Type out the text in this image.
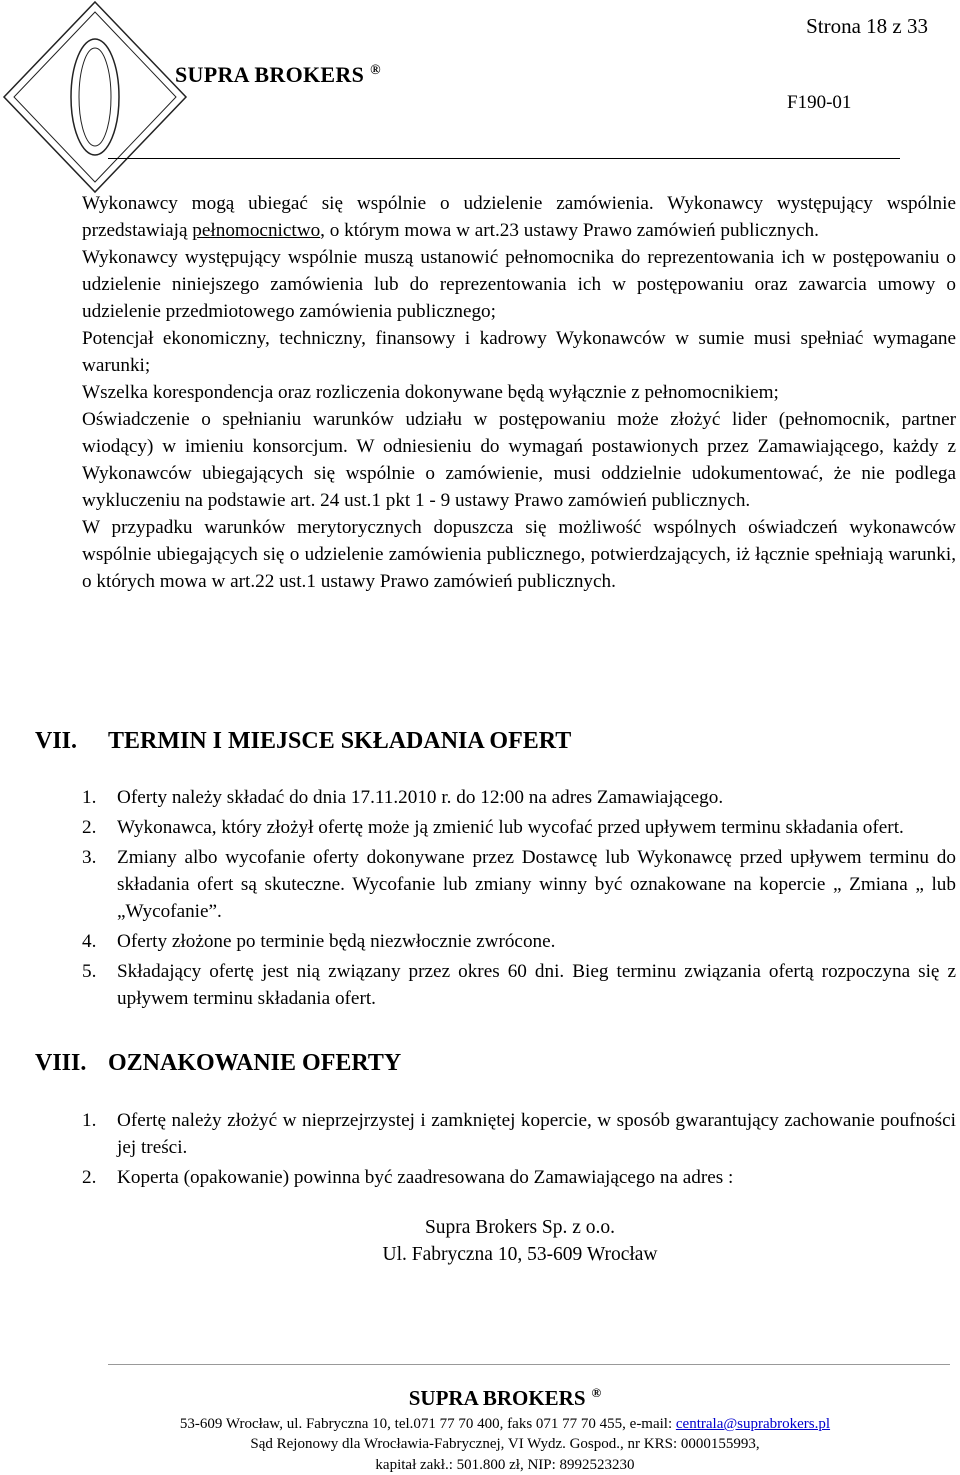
Strona 18 z 33
SUPRA BROKERS ®
F190-01

Wykonawcy mogą ubiegać się wspólnie o udzielenie zamówienia. Wykonawcy występujący wspólnie przedstawiają pełnomocnictwo, o którym mowa w art.23 ustawy Prawo zamówień publicznych.

Wykonawcy występujący wspólnie muszą ustanowić pełnomocnika do reprezentowania ich w postępowaniu o udzielenie niniejszego zamówienia lub do reprezentowania ich w postępowaniu oraz zawarcia umowy o udzielenie przedmiotowego zamówienia publicznego;

Potencjał ekonomiczny, techniczny, finansowy i kadrowy Wykonawców w sumie musi spełniać wymagane warunki;

Wszelka korespondencja oraz rozliczenia dokonywane będą wyłącznie z pełnomocnikiem;

Oświadczenie o spełnianiu warunków udziału w postępowaniu może złożyć lider (pełnomocnik, partner wiodący) w imieniu konsorcjum. W odniesieniu do wymagań postawionych przez Zamawiającego, każdy z Wykonawców ubiegających się wspólnie o zamówienie, musi oddzielnie udokumentować, że nie podlega wykluczeniu na podstawie art. 24 ust.1 pkt 1 - 9 ustawy Prawo zamówień publicznych.

W przypadku warunków merytorycznych dopuszcza się możliwość wspólnych oświadczeń wykonawców wspólnie ubiegających się o udzielenie zamówienia publicznego, potwierdzających, iż łącznie spełniają warunki, o których mowa w art.22 ust.1 ustawy Prawo zamówień publicznych.

VII. TERMIN I MIEJSCE SKŁADANIA OFERT
1.	Oferty należy składać do dnia 17.11.2010 r. do 12:00 na adres Zamawiającego.
2.	Wykonawca, który złożył ofertę może ją zmienić lub wycofać przed upływem terminu składania ofert.
3.	Zmiany albo wycofanie oferty dokonywane przez Dostawcę lub Wykonawcę przed upływem terminu do składania ofert są skuteczne. Wycofanie lub zmiany winny być oznakowane na kopercie „ Zmiana „ lub „Wycofanie”.
4.	Oferty złożone po terminie będą niezwłocznie zwrócone.
5.	Składający ofertę jest nią związany przez okres 60 dni. Bieg terminu związania ofertą rozpoczyna się z upływem terminu składania ofert.
VIII. OZNAKOWANIE OFERTY
1.	Ofertę należy złożyć w nieprzejrzystej i zamkniętej kopercie, w sposób gwarantujący zachowanie poufności jej treści.
2.	Koperta (opakowanie) powinna być zaadresowana do Zamawiającego na adres :
Supra Brokers Sp. z o.o.
Ul. Fabryczna 10, 53-609 Wrocław
SUPRA BROKERS ®
53-609 Wrocław, ul. Fabryczna 10, tel.071 77 70 400, faks 071 77 70 455, e-mail: centrala@suprabrokers.pl
Sąd Rejonowy dla Wrocławia-Fabrycznej, VI Wydz. Gospod., nr KRS: 0000155993,
kapitał zakł.: 501.800 zł, NIP: 8992523230
